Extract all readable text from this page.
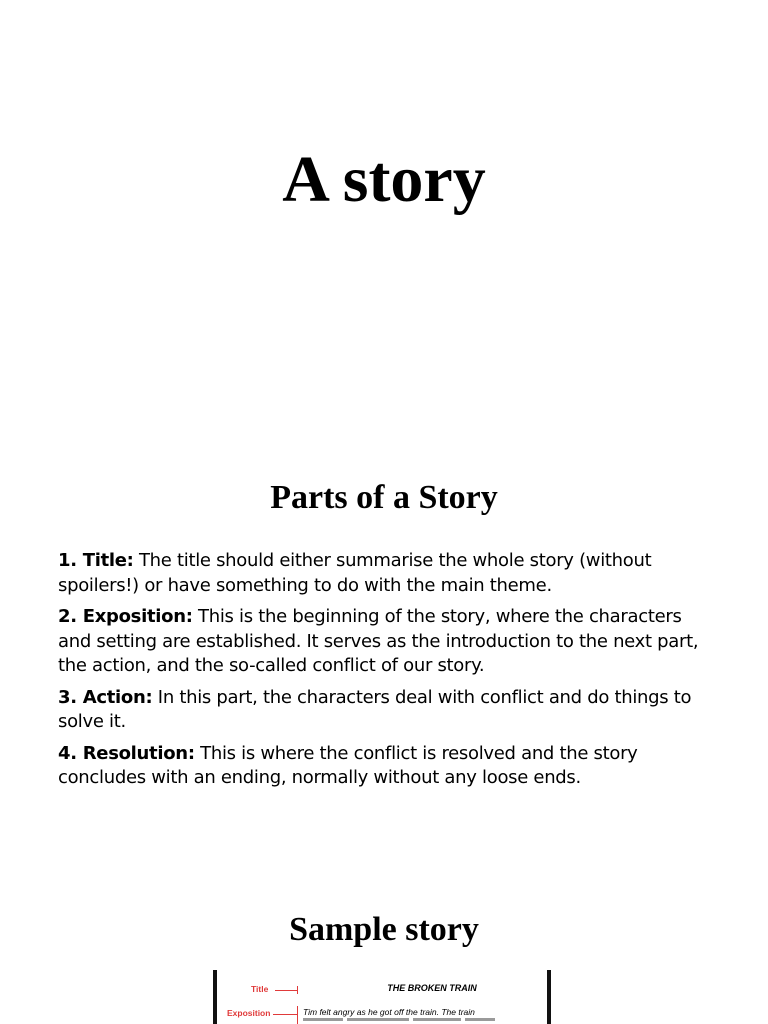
A story
Parts of a Story
1. Title: The title should either summarise the whole story (without spoilers!) or have something to do with the main theme.
2. Exposition: This is the beginning of the story, where the characters and setting are established. It serves as the introduction to the next part, the action, and the so-called conflict of our story.
3. Action: In this part, the characters deal with conflict and do things to solve it.
4. Resolution: This is where the conflict is resolved and the story concludes with an ending, normally without any loose ends.
Sample story
Title
Exposition
THE BROKEN TRAIN
Tim felt angry as he got off the train. The train
